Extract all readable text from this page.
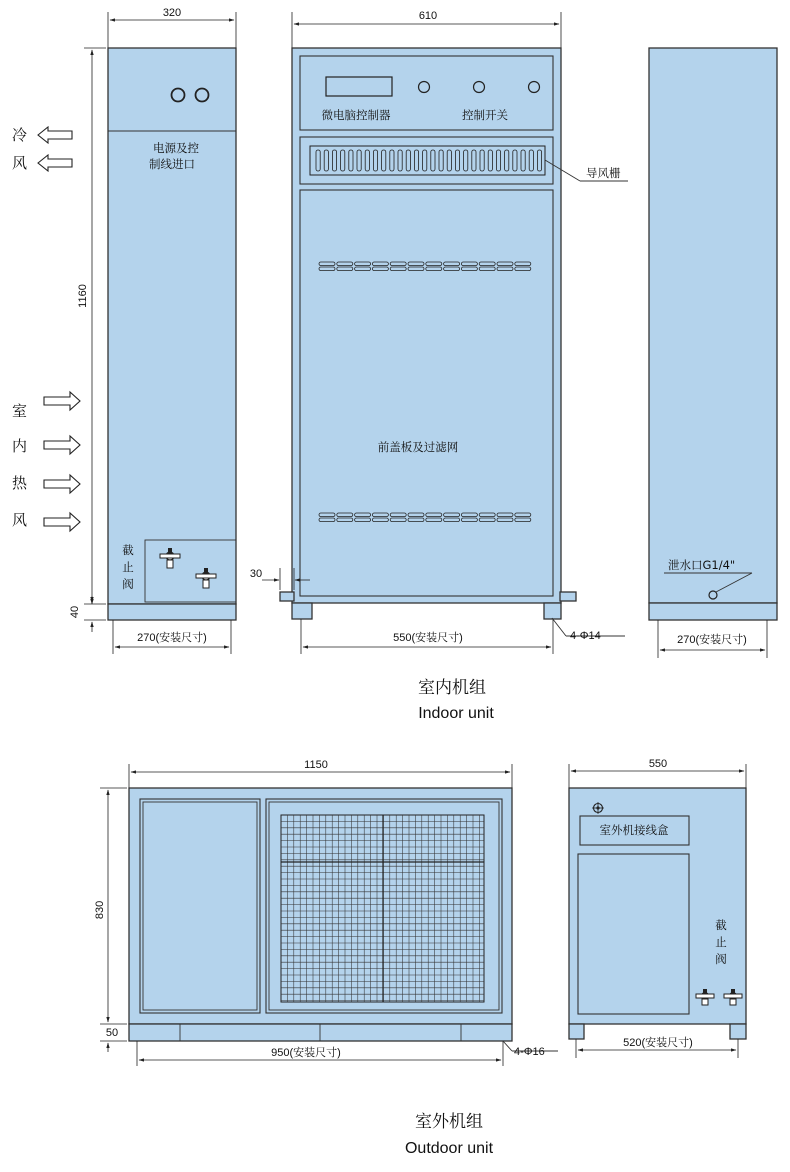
320
1160
40
电源及控
制线进口
截
止
阀
270(安装尺寸)
冷
风
室
内
热
风
610
微电脑控制器	控制开关
导风栅
前盖板及过滤网
30
550(安装尺寸)	4-Φ14
泄水口G1/4"
270(安装尺寸)
室内机组
Indoor unit
1150
830
50
950(安装尺寸)	4-Φ16
550
室外机接线盒
截
止
阀
520(安装尺寸)
室外机组
Outdoor unit
